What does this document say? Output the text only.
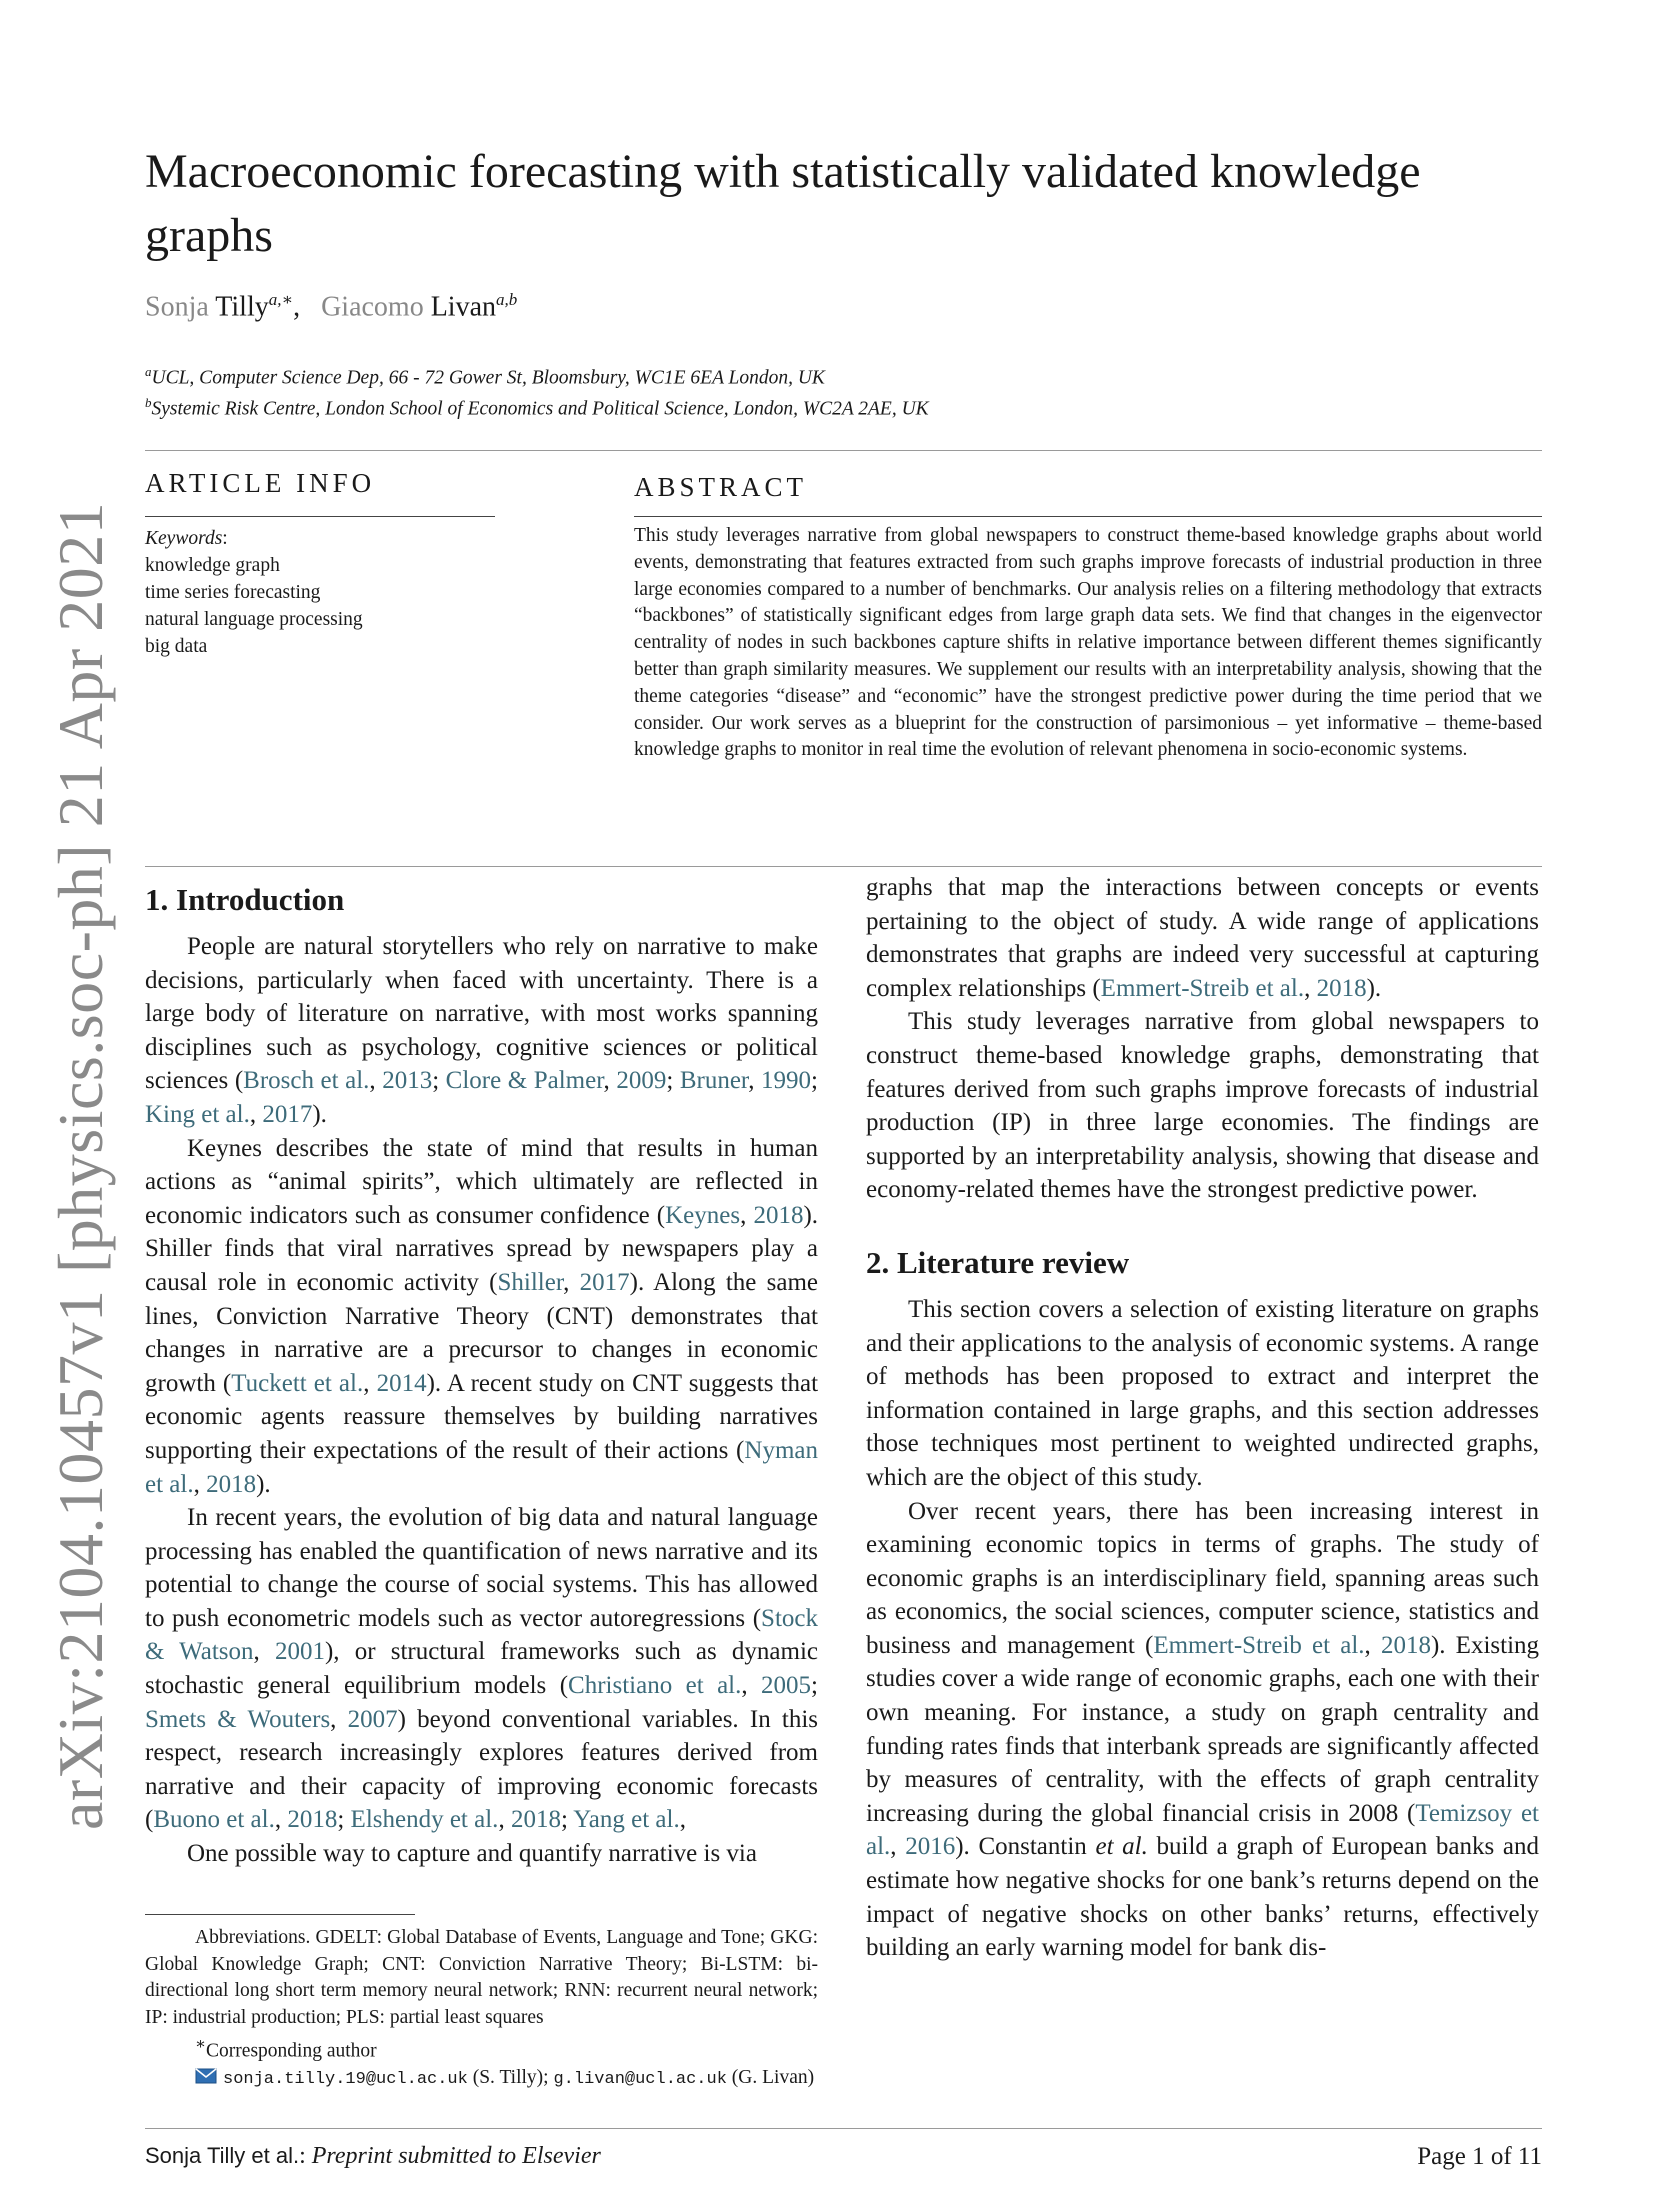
arXiv:2104.10457v1 [physics.soc-ph] 21 Apr 2021
Macroeconomic forecasting with statistically validated knowledge graphs
Sonja Tilly$^{a,∗}$,   Giacomo Livan$^{a,b}$
$^a$UCL, Computer Science Dep, 66 - 72 Gower St, Bloomsbury, WC1E 6EA London, UK
$^b$Systemic Risk Centre, London School of Economics and Political Science, London, WC2A 2AE, UK
ARTICLE INFO
Keywords:
knowledge graph
time series forecasting
natural language processing
big data
ABSTRACT
This study leverages narrative from global newspapers to construct theme-based knowledge graphs about world events, demonstrating that features extracted from such graphs improve forecasts of industrial production in three large economies compared to a number of benchmarks. Our analysis relies on a filtering methodology that extracts “backbones” of statistically significant edges from large graph data sets. We find that changes in the eigenvector centrality of nodes in such backbones capture shifts in relative importance between different themes significantly better than graph similarity measures. We supplement our results with an interpretability analysis, showing that the theme categories “disease” and “economic” have the strongest predictive power during the time period that we consider. Our work serves as a blueprint for the construction of parsimonious – yet informative – theme-based knowledge graphs to monitor in real time the evolution of relevant phenomena in socio-economic systems.
1. Introduction

People are natural storytellers who rely on narrative to make decisions, particularly when faced with uncertainty. There is a large body of literature on narrative, with most works spanning disciplines such as psychology, cognitive sciences or political sciences (Brosch et al., 2013; Clore & Palmer, 2009; Bruner, 1990; King et al., 2017).

Keynes describes the state of mind that results in human actions as “animal spirits”, which ultimately are reflected in economic indicators such as consumer confidence (Keynes, 2018). Shiller finds that viral narratives spread by newspapers play a causal role in economic activity (Shiller, 2017). Along the same lines, Conviction Narrative Theory (CNT) demonstrates that changes in narrative are a precursor to changes in economic growth (Tuckett et al., 2014). A recent study on CNT suggests that economic agents reassure themselves by building narratives supporting their expectations of the result of their actions (Nyman et al., 2018).

In recent years, the evolution of big data and natural language processing has enabled the quantification of news narrative and its potential to change the course of social systems. This has allowed to push econometric models such as vector autoregressions (Stock & Watson, 2001), or structural frameworks such as dynamic stochastic general equilibrium models (Christiano et al., 2005; Smets & Wouters, 2007) beyond conventional variables. In this respect, research increasingly explores features derived from narrative and their capacity of improving economic forecasts (Buono et al., 2018; Elshendy et al., 2018; Yang et al.,

One possible way to capture and quantify narrative is via

Abbreviations. GDELT: Global Database of Events, Language and Tone; GKG: Global Knowledge Graph; CNT: Conviction Narrative Theory; Bi-LSTM: bi-directional long short term memory neural network; RNN: recurrent neural network; IP: industrial production; PLS: partial least squares
∗Corresponding author
sonja.tilly.19@ucl.ac.uk (S. Tilly); g.livan@ucl.ac.uk (G. Livan)

graphs that map the interactions between concepts or events pertaining to the object of study. A wide range of applications demonstrates that graphs are indeed very successful at capturing complex relationships (Emmert-Streib et al., 2018).

This study leverages narrative from global newspapers to construct theme-based knowledge graphs, demonstrating that features derived from such graphs improve forecasts of industrial production (IP) in three large economies. The findings are supported by an interpretability analysis, showing that disease and economy-related themes have the strongest predictive power.

2. Literature review

This section covers a selection of existing literature on graphs and their applications to the analysis of economic systems. A range of methods has been proposed to extract and interpret the information contained in large graphs, and this section addresses those techniques most pertinent to weighted undirected graphs, which are the object of this study.

Over recent years, there has been increasing interest in examining economic topics in terms of graphs. The study of economic graphs is an interdisciplinary field, spanning areas such as economics, the social sciences, computer science, statistics and business and management (Emmert-Streib et al., 2018). Existing studies cover a wide range of economic graphs, each one with their own meaning. For instance, a study on graph centrality and funding rates finds that interbank spreads are significantly affected by measures of centrality, with the effects of graph centrality increasing during the global financial crisis in 2008 (Temizsoy et al., 2016). Constantin et al. build a graph of European banks and estimate how negative shocks for one bank’s returns depend on the impact of negative shocks on other banks’ returns, effectively building an early warning model for bank dis-

Sonja Tilly et al.: Preprint submitted to Elsevier	Page 1 of 11
